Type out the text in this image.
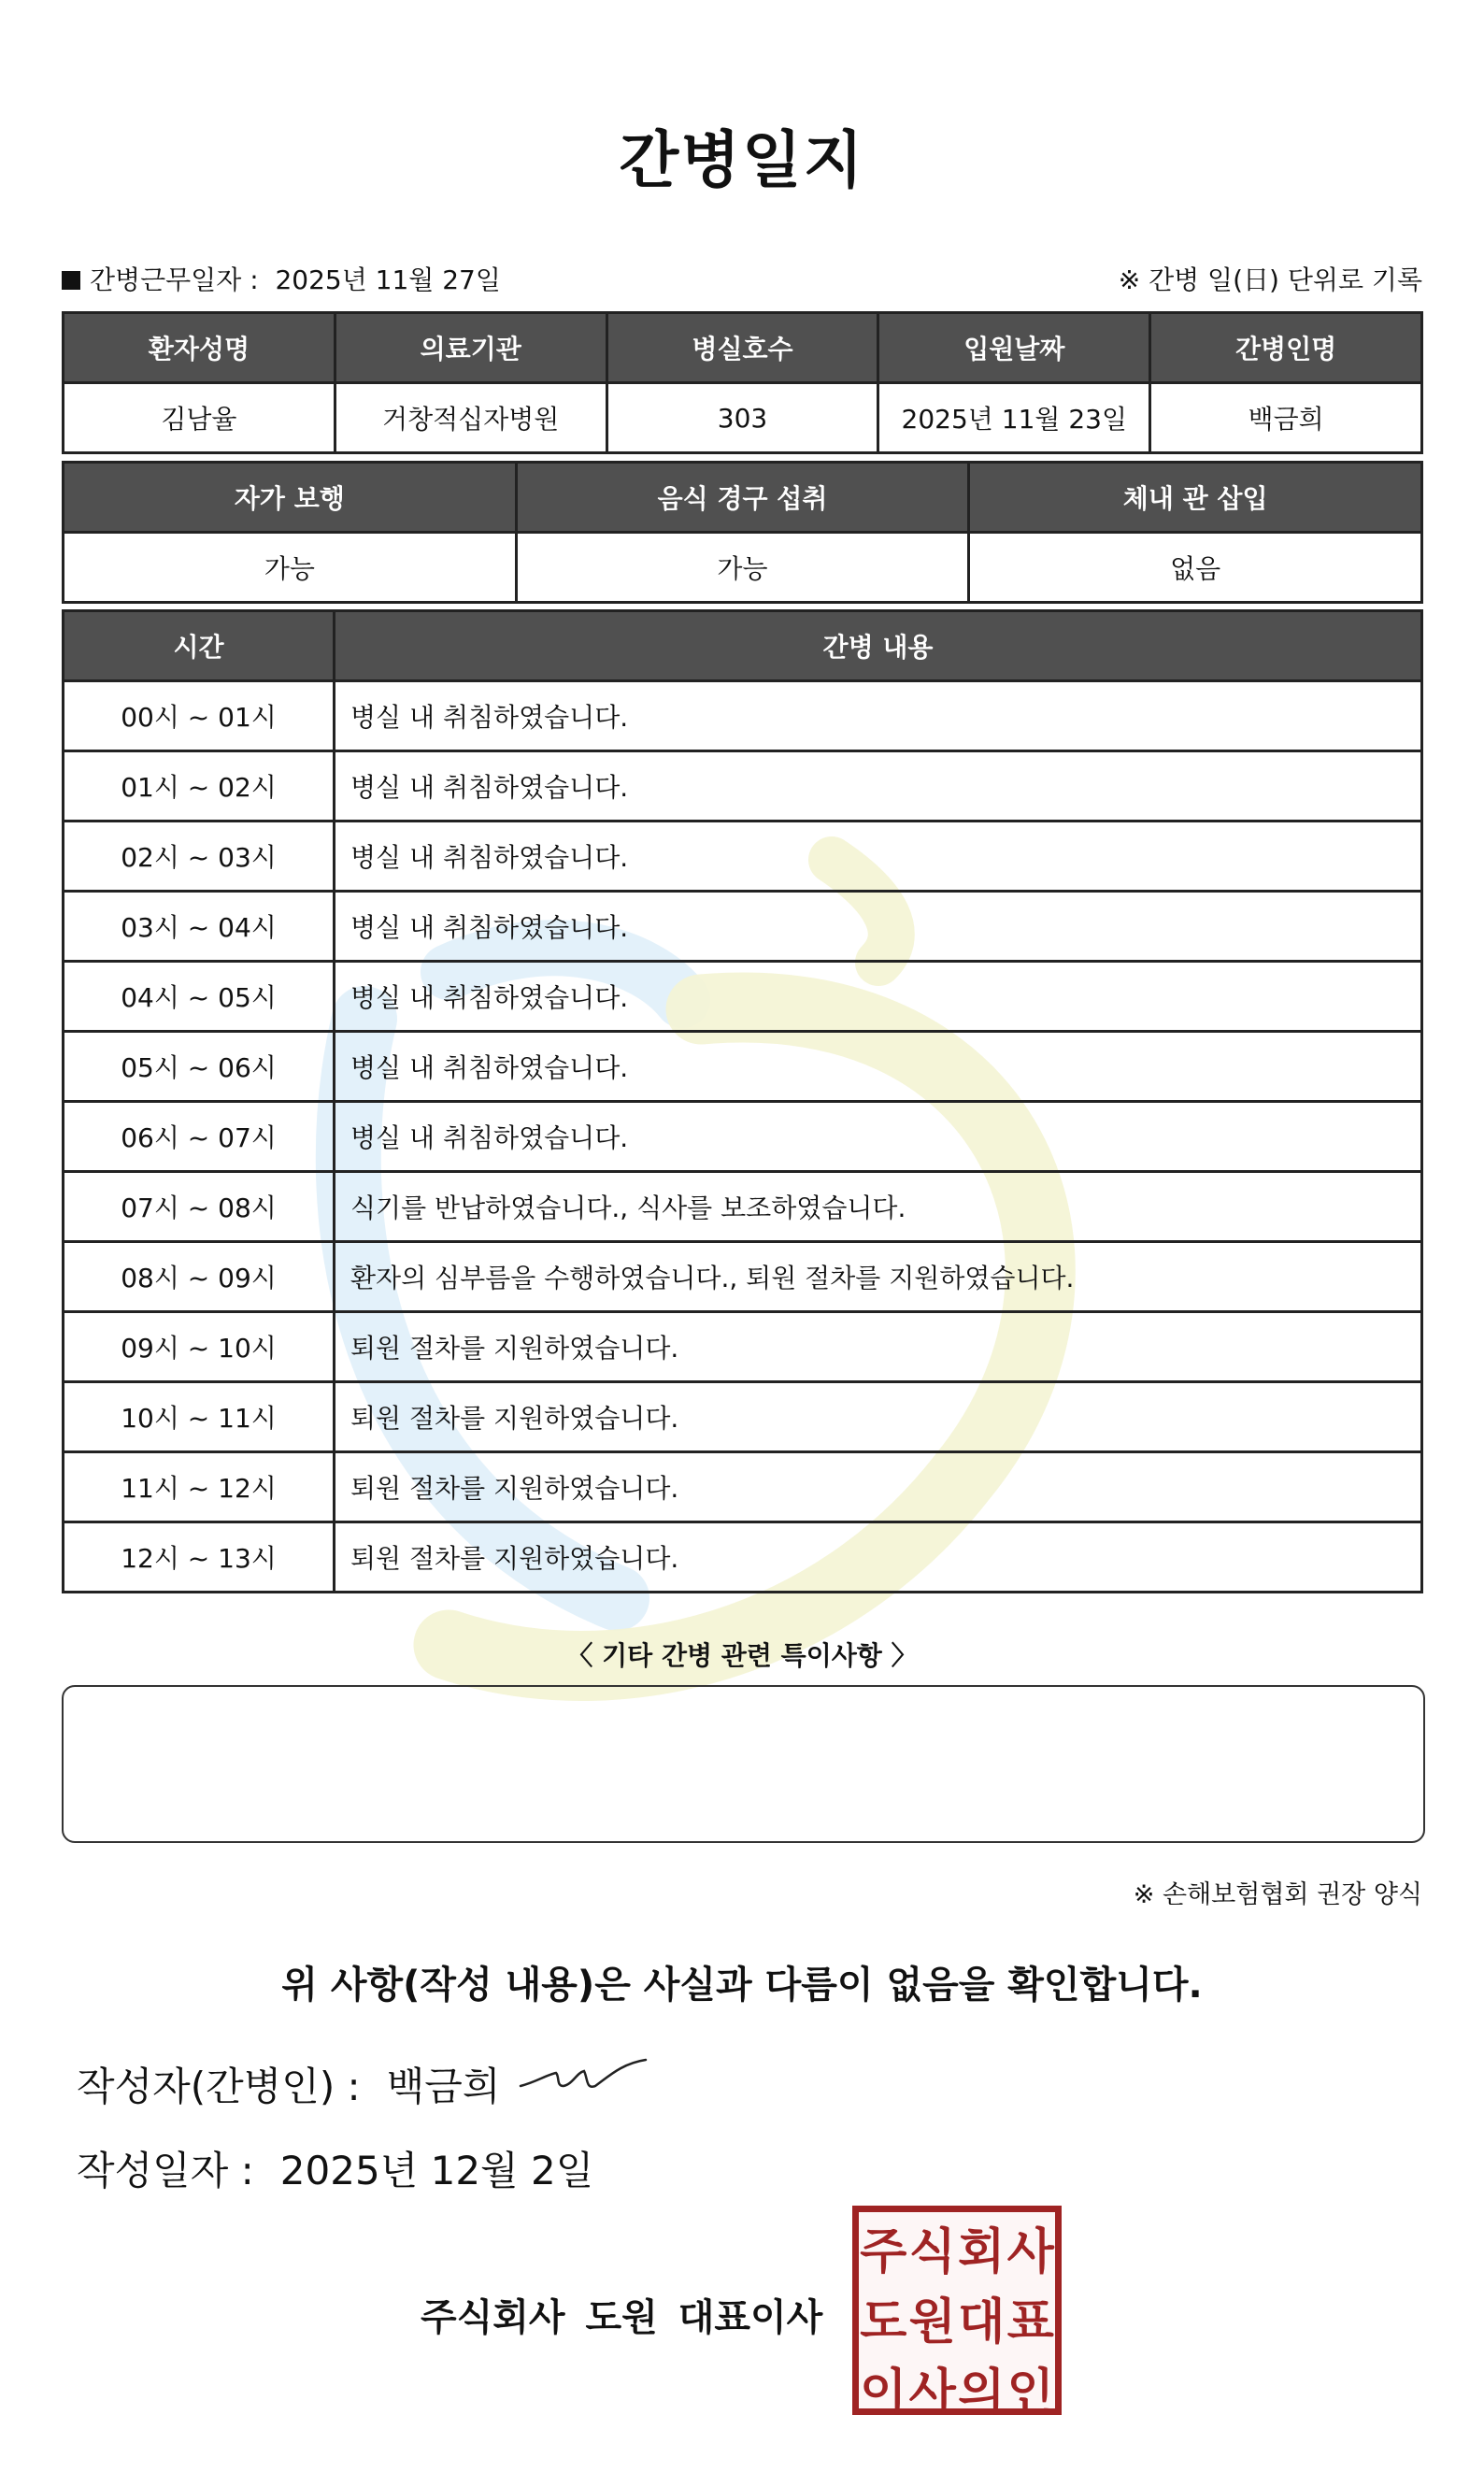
간병일지
간병근무일자 : 2025년 11월 27일	※ 간병 일(日) 단위로 기록
환자성명	의료기관	병실호수	입원날짜	간병인명
김남율	거창적십자병원	303	2025년 11월 23일	백금희
자가 보행	음식 경구 섭취	체내 관 삽입
가능	가능	없음
시간	간병 내용
00시 ~ 01시	병실 내 취침하였습니다.
01시 ~ 02시	병실 내 취침하였습니다.
02시 ~ 03시	병실 내 취침하였습니다.
03시 ~ 04시	병실 내 취침하였습니다.
04시 ~ 05시	병실 내 취침하였습니다.
05시 ~ 06시	병실 내 취침하였습니다.
06시 ~ 07시	병실 내 취침하였습니다.
07시 ~ 08시	식기를 반납하였습니다., 식사를 보조하였습니다.
08시 ~ 09시	환자의 심부름을 수행하였습니다., 퇴원 절차를 지원하였습니다.
09시 ~ 10시	퇴원 절차를 지원하였습니다.
10시 ~ 11시	퇴원 절차를 지원하였습니다.
11시 ~ 12시	퇴원 절차를 지원하였습니다.
12시 ~ 13시	퇴원 절차를 지원하였습니다.
〈 기타 간병 관련 특이사항 〉
※ 손해보험협회 권장 양식
위 사항(작성 내용)은 사실과 다름이 없음을 확인합니다.
작성자(간병인) : 백금희
작성일자 : 2025년 12월 2일
주식회사 도원 대표이사
주 식 회 사
도 원 대 표
이 사 의 인
